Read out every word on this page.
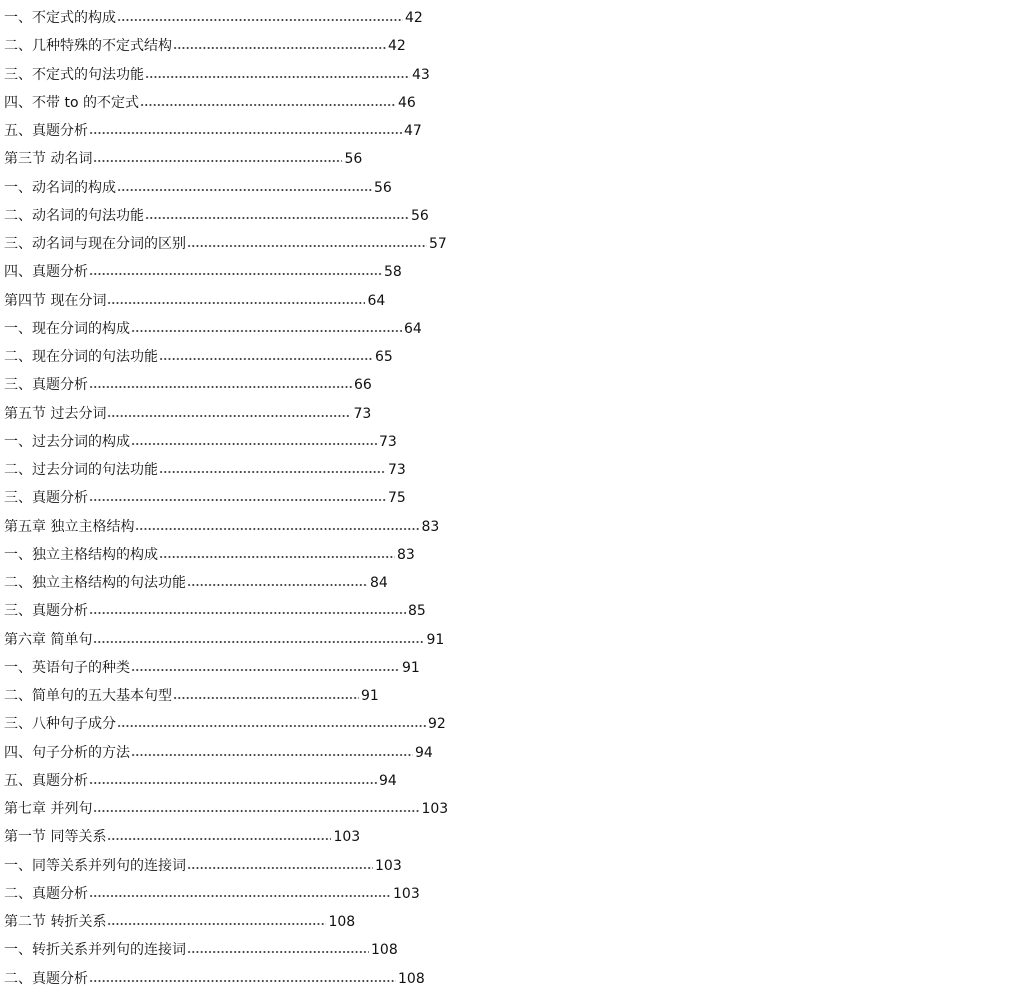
一、不定式的构成	42
二、几种特殊的不定式结构	42
三、不定式的句法功能	43
四、不带 to 的不定式	46
五、真题分析	47
第三节 动名词	56
一、动名词的构成	56
二、动名词的句法功能	56
三、动名词与现在分词的区别	57
四、真题分析	58
第四节 现在分词	64
一、现在分词的构成	64
二、现在分词的句法功能	65
三、真题分析	66
第五节 过去分词	73
一、过去分词的构成	73
二、过去分词的句法功能	73
三、真题分析	75
第五章 独立主格结构	83
一、独立主格结构的构成	83
二、独立主格结构的句法功能	84
三、真题分析	85
第六章 简单句	91
一、英语句子的种类	91
二、简单句的五大基本句型	91
三、八种句子成分	92
四、句子分析的方法	94
五、真题分析	94
第七章 并列句	103
第一节 同等关系	103
一、同等关系并列句的连接词	103
二、真题分析	103
第二节 转折关系	108
一、转折关系并列句的连接词	108
二、真题分析	108
